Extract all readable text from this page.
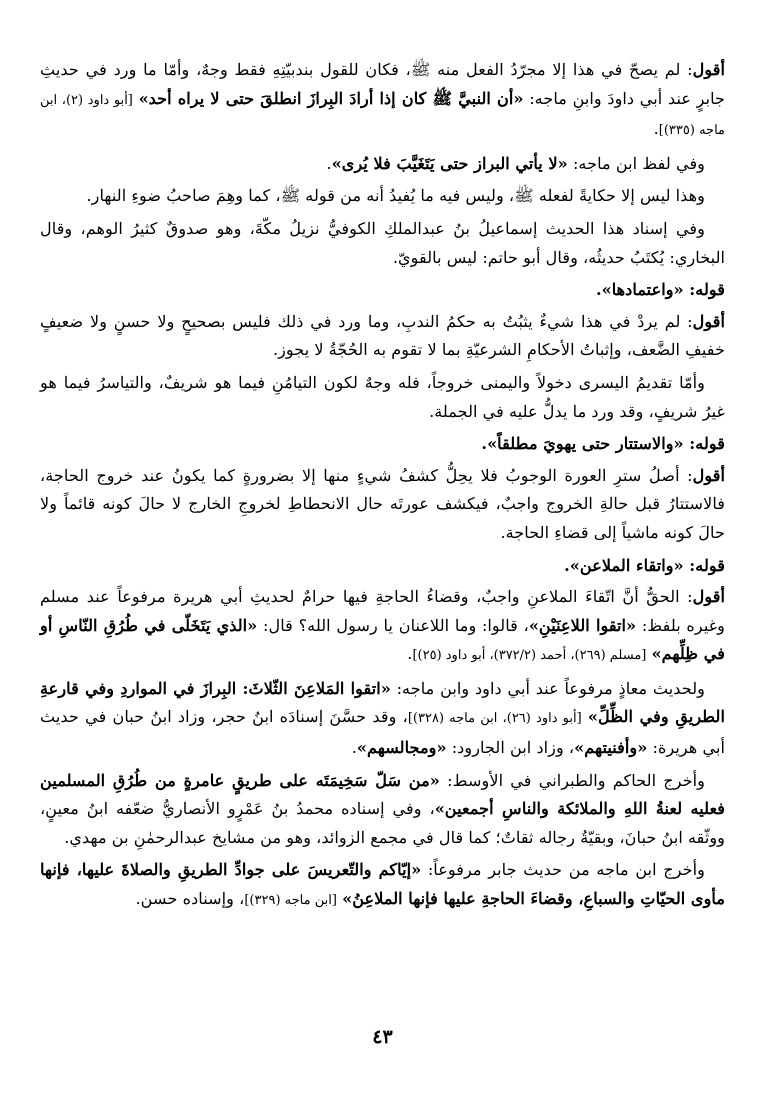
أقول: لم يصحّ في هذا إلا مجرّدُ الفعل منه ﷺ، فكان للقول بندبيّتِهِ فقط وجهٌ، وأمّا ما ورد في حديثِ جابرٍ عند أبي داودَ وابنِ ماجه: «أن النبيَّ ﷺ كان إذا أرادَ البِرازَ انطلقَ حتى لا يراه أحد» [أبو داود (٢)، ابن ماجه (٣٣٥)].

وفي لفظ ابن ماجه: «لا يأتي البراز حتى يَتَغَيَّبَ فلا يُرى».

وهذا ليس إلا حكايةً لفعله ﷺ، وليس فيه ما يُفيدُ أنه من قوله ﷺ، كما وهِمَ صاحبُ ضوءِ النهار.

وفي إسناد هذا الحديث إسماعيلُ بنُ عبدالملكِ الكوفيُّ نزيلُ مكّةَ، وهو صدوقٌ كثيرُ الوهم، وقال البخاري: يُكتَبُ حديثُه، وقال أبو حاتم: ليس بالقويّ.

قوله: «واعتمادها».

أقول: لم يردْ في هذا شيءٌ يثبُتُ به حكمُ الندبِ، وما ورد في ذلك فليس بصحيحٍ ولا حسنٍ ولا ضعيفٍ خفيفِ الضَّعف، وإثباتُ الأحكامِ الشرعيّةِ بما لا تقوم به الحُجّةُ لا يجوز.

وأمّا تقديمُ اليسرى دخولاً واليمنى خروجاً، فله وجهٌ لكون التيامُنِ فيما هو شريفٌ، والتياسرُ فيما هو غيرُ شريفٍ، وقد ورد ما يدلُّ عليه في الجملة.

قوله: «والاستتار حتى يهويَ مطلقاً».

أقول: أصلُ سترِ العورة الوجوبُ فلا يحِلُّ كشفُ شيءٍ منها إلا بضرورةٍ كما يكونُ عند خروج الحاجة، فالاستتارُ قبل حالةِ الخروج واجبٌ، فيكشف عورتَه حال الانحطاطِ لخروجِ الخارج لا حالَ كونه قائماً ولا حالَ كونه ماشياً إلى قضاءِ الحاجة.

قوله: «واتقاء الملاعن».

أقول: الحقُّ أنَّ اتّقاءَ الملاعنِ واجبٌ، وقضاءُ الحاجةِ فيها حرامٌ لحديثِ أبي هريرة مرفوعاً عند مسلم وغيره بلفظ: «اتقوا اللاعِنَيْنِ»، قالوا: وما اللاعنان يا رسول الله؟ قال: «الذي يَتَخَلّى في طُرُقِ النّاسِ أو في ظِلِّهم» [مسلم (٢٦٩)، أحمد (٣٧٢/٢)، أبو داود (٢٥)].

ولحديث معاذٍ مرفوعاً عند أبي داود وابن ماجه: «اتقوا المَلاعِنَ الثّلاثَ: البِرازَ في المواردِ وفي قارعةِ الطريقِ وفي الظِّلِّ» [أبو داود (٢٦)، ابن ماجه (٣٢٨)]، وقد حسَّنَ إسنادَه ابنُ حجر، وزاد ابنُ حبان في حديث أبي هريرة: «وأفنيتهم»، وزاد ابن الجارود: «ومجالسهم».

وأخرج الحاكم والطبراني في الأوسط: «من سَلّ سَخِيمَتَه على طريقٍ عامرةٍ من طُرُقِ المسلمين فعليه لعنةُ اللهِ والملائكة والناسِ أجمعين»، وفي إسناده محمدُ بنُ عَمْرٍو الأنصاريُّ ضعّفه ابنُ معينٍ، ووثّقه ابنُ حبانَ، وبقيّةُ رجاله ثقاتٌ؛ كما قال في مجمع الزوائد، وهو من مشايخ عبدالرحمٰنِ بن مهدي.

وأخرج ابن ماجه من حديث جابر مرفوعاً: «إيّاكم والتّعريسَ على جوادِّ الطريقِ والصلاةَ عليها، فإنها مأوى الحيّاتِ والسباعِ، وقضاءَ الحاجةِ عليها فإنها الملاعِنُ» [ابن ماجه (٣٢٩)]، وإسناده حسن.

٤٣
